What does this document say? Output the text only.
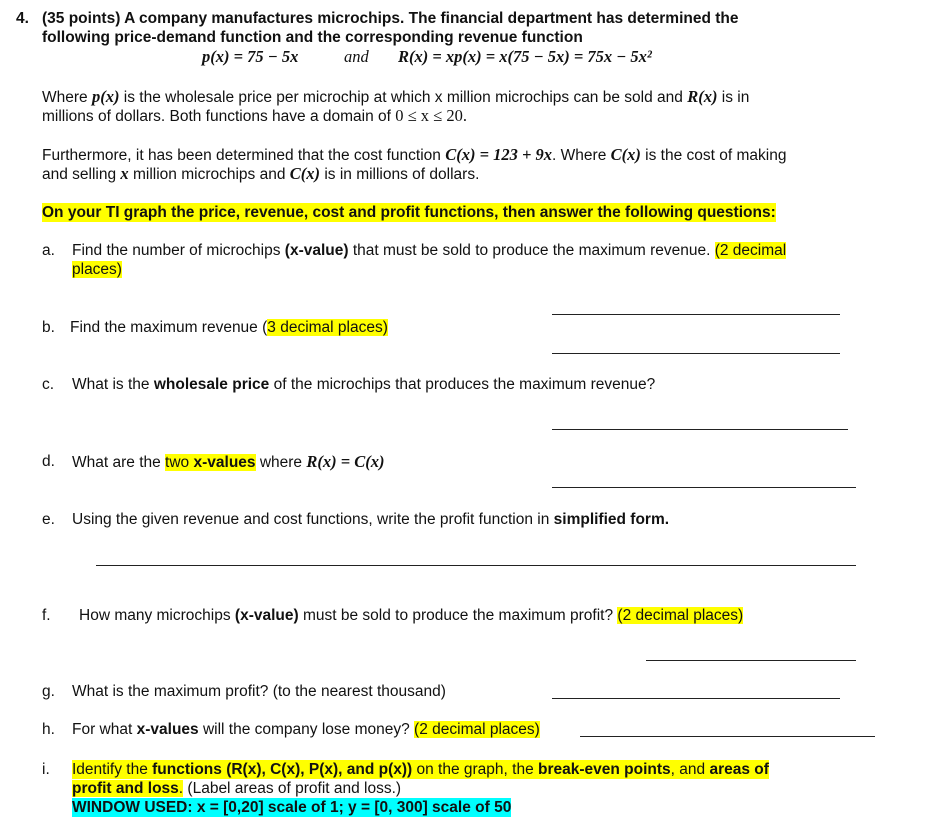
4. (35 points) A company manufactures microchips. The financial department has determined the
following price-demand function and the corresponding revenue function
p(x) = 75 − 5x	and R(x) = xp(x) = x(75 − 5x) = 75x − 5x²
Where p(x) is the wholesale price per microchip at which x million microchips can be sold and R(x) is in
millions of dollars. Both functions have a domain of 0 ≤ x ≤ 20.
Furthermore, it has been determined that the cost function C(x) = 123 + 9x. Where C(x) is the cost of making
and selling x million microchips and C(x) is in millions of dollars.
On your TI graph the price, revenue, cost and profit functions, then answer the following questions:
a. Find the number of microchips (x-value) that must be sold to produce the maximum revenue. (2 decimal
places)
b. Find the maximum revenue (3 decimal places)
c. What is the wholesale price of the microchips that produces the maximum revenue?
d. What are the two x-values where R(x) = C(x)
e. Using the given revenue and cost functions, write the profit function in simplified form.
f. How many microchips (x-value) must be sold to produce the maximum profit? (2 decimal places)
g. What is the maximum profit? (to the nearest thousand)
h. For what x-values will the company lose money? (2 decimal places)
i. Identify the functions (R(x), C(x), P(x), and p(x)) on the graph, the break-even points, and areas of
profit and loss. (Label areas of profit and loss.)
WINDOW USED: x = [0,20] scale of 1; y = [0, 300] scale of 50
